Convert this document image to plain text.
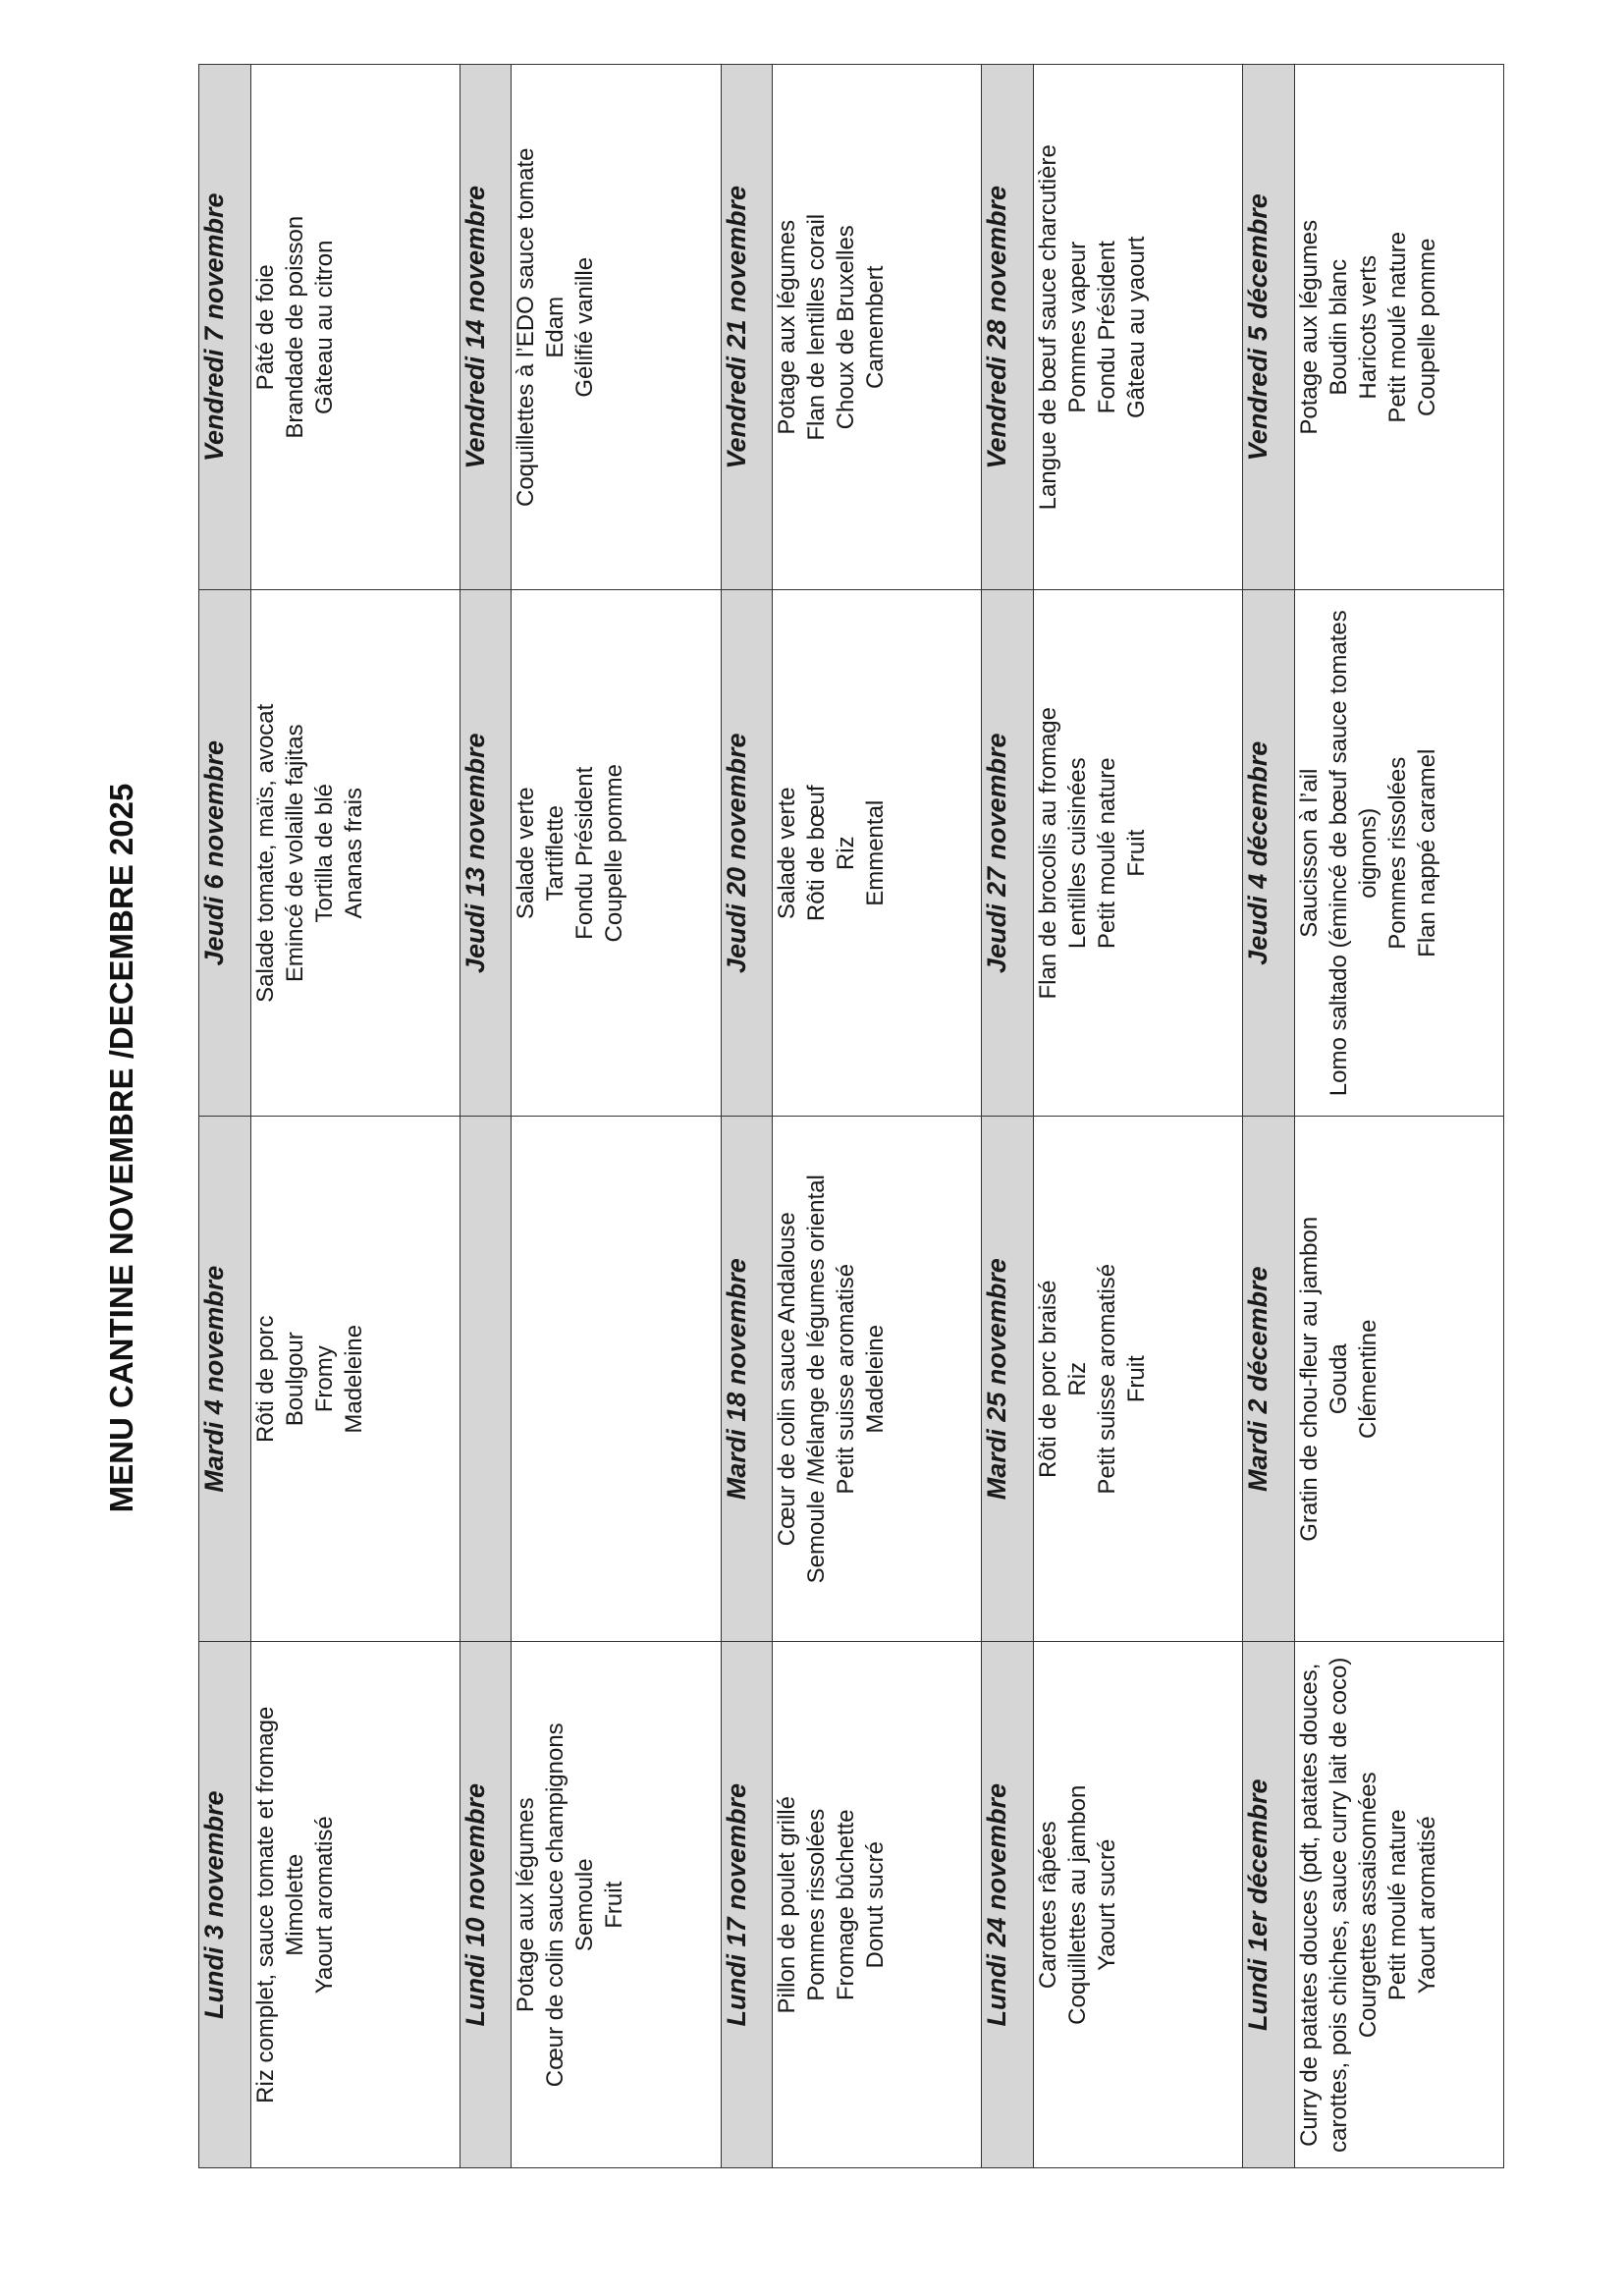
MENU CANTINE NOVEMBRE /DECEMBRE 2025
Lundi 3 novembre	Mardi 4 novembre	Jeudi 6 novembre	Vendredi 7 novembre

Riz complet, sauce tomate et fromage Mimolette Yaourt aromatisé	Rôti de porc Boulgour Fromy Madeleine	Salade tomate, maïs, avocat Emincé de volaille fajitas Tortilla de blé Ananas frais	Pâté de foie Brandade de poisson Gâteau au citron

Lundi 10 novembre		Jeudi 13 novembre	Vendredi 14 novembre

Potage aux légumes Cœur de colin sauce champignons Semoule Fruit		Salade verte Tartiflette Fondu Président Coupelle pomme	Coquillettes à l’EDO sauce tomate Edam Gélifié vanille

Lundi 17 novembre	Mardi 18 novembre	Jeudi 20 novembre	Vendredi 21 novembre

Pillon de poulet grillé Pommes rissolées Fromage bûchette Donut sucré	Cœur de colin sauce Andalouse Semoule /Mélange de légumes oriental Petit suisse aromatisé Madeleine	Salade verte Rôti de bœuf Riz Emmental	Potage aux légumes Flan de lentilles corail Choux de Bruxelles Camembert

Lundi 24 novembre	Mardi 25 novembre	Jeudi 27 novembre	Vendredi 28 novembre

Carottes râpées Coquillettes au jambon Yaourt sucré	Rôti de porc braisé Riz Petit suisse aromatisé Fruit	Flan de brocolis au fromage Lentilles cuisinées Petit moulé nature Fruit	Langue de bœuf sauce charcutière Pommes vapeur Fondu Président Gâteau au yaourt

Lundi 1er décembre	Mardi 2 décembre	Jeudi 4 décembre	Vendredi 5 décembre

Curry de patates douces (pdt, patates douces, carottes, pois chiches, sauce curry lait de coco) Courgettes assaisonnées Petit moulé nature Yaourt aromatisé	Gratin de chou-fleur au jambon Gouda Clémentine	Saucisson à l’ail Lomo saltado (émincé de bœuf sauce tomates oignons) Pommes rissolées Flan nappé caramel	Potage aux légumes Boudin blanc Haricots verts Petit moulé nature Coupelle pomme
